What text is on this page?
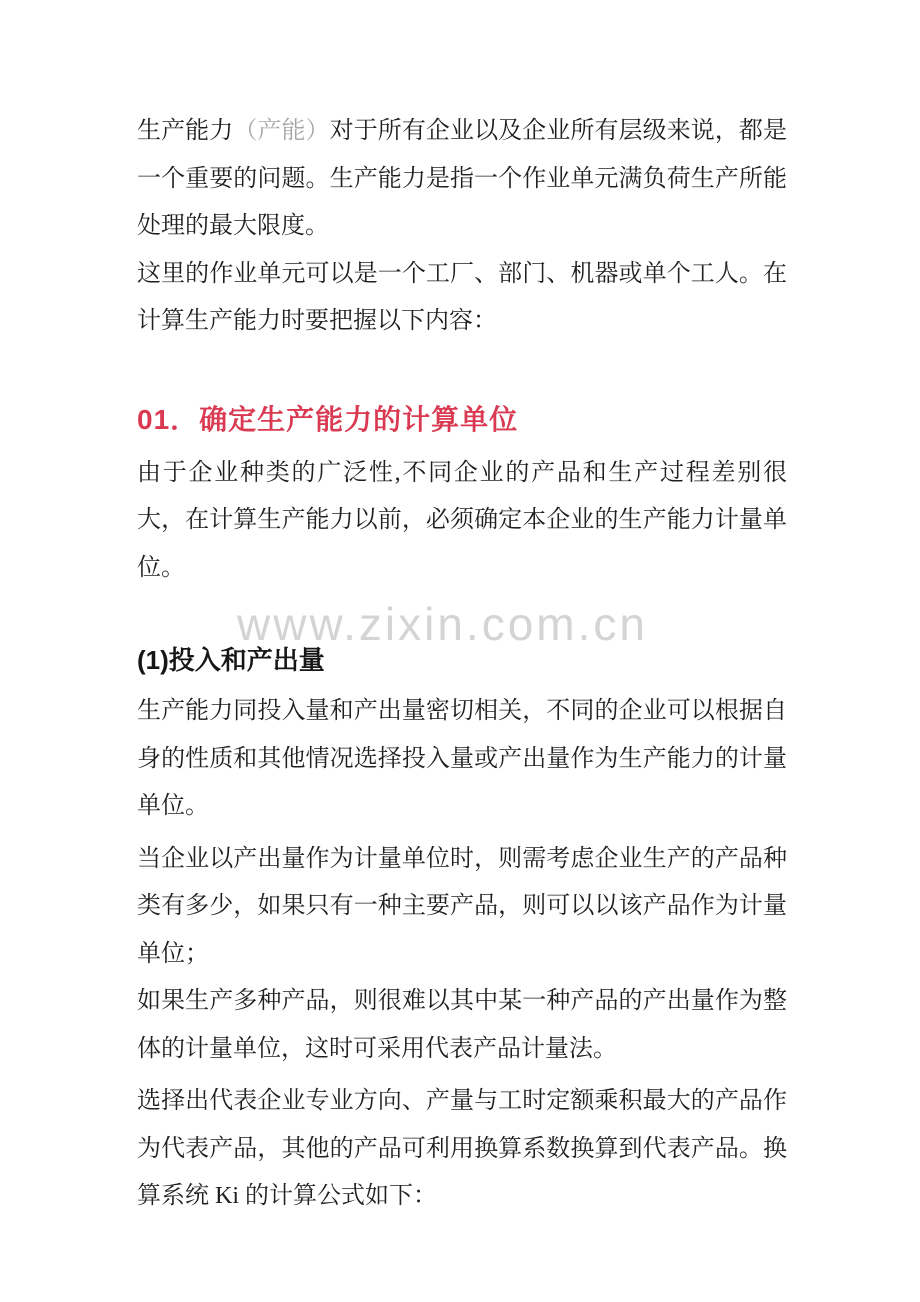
www.zixin.com.cn

生产能力（产能）对于所有企业以及企业所有层级来说，都是一个重要的问题。生产能力是指一个作业单元满负荷生产所能处理的最大限度。

这里的作业单元可以是一个工厂、部门、机器或单个工人。在计算生产能力时要把握以下内容：

01．确定生产能力的计算单位

由于企业种类的广泛性,不同企业的产品和生产过程差别很大，在计算生产能力以前，必须确定本企业的生产能力计量单位。

(1)投入和产出量

生产能力同投入量和产出量密切相关，不同的企业可以根据自身的性质和其他情况选择投入量或产出量作为生产能力的计量单位。

当企业以产出量作为计量单位时，则需考虑企业生产的产品种类有多少，如果只有一种主要产品，则可以以该产品作为计量单位；

如果生产多种产品，则很难以其中某一种产品的产出量作为整体的计量单位，这时可采用代表产品计量法。

选择出代表企业专业方向、产量与工时定额乘积最大的产品作为代表产品，其他的产品可利用换算系数换算到代表产品。换算系统 Ki 的计算公式如下：
